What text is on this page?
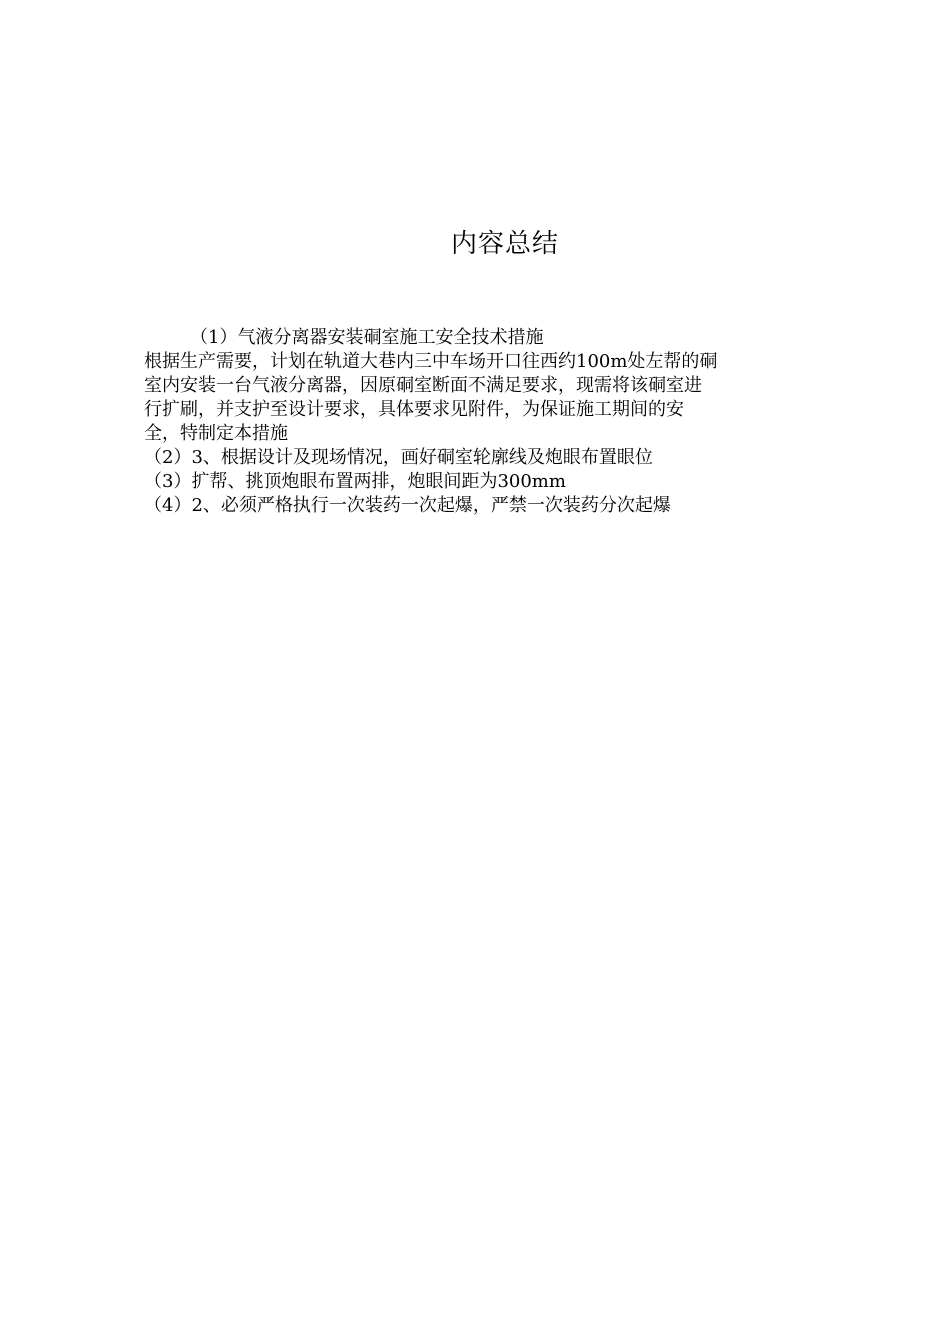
内容总结

（1）气液分离器安装硐室施工安全技术措施

根据生产需要，计划在轨道大巷内三中车场开口往西约100m处左帮的硐

室内安装一台气液分离器，因原硐室断面不满足要求，现需将该硐室进

行扩刷，并支护至设计要求，具体要求见附件，为保证施工期间的安

全，特制定本措施

（2）3、根据设计及现场情况，画好硐室轮廓线及炮眼布置眼位

（3）扩帮、挑顶炮眼布置两排，炮眼间距为300mm

（4）2、必须严格执行一次装药一次起爆，严禁一次装药分次起爆
